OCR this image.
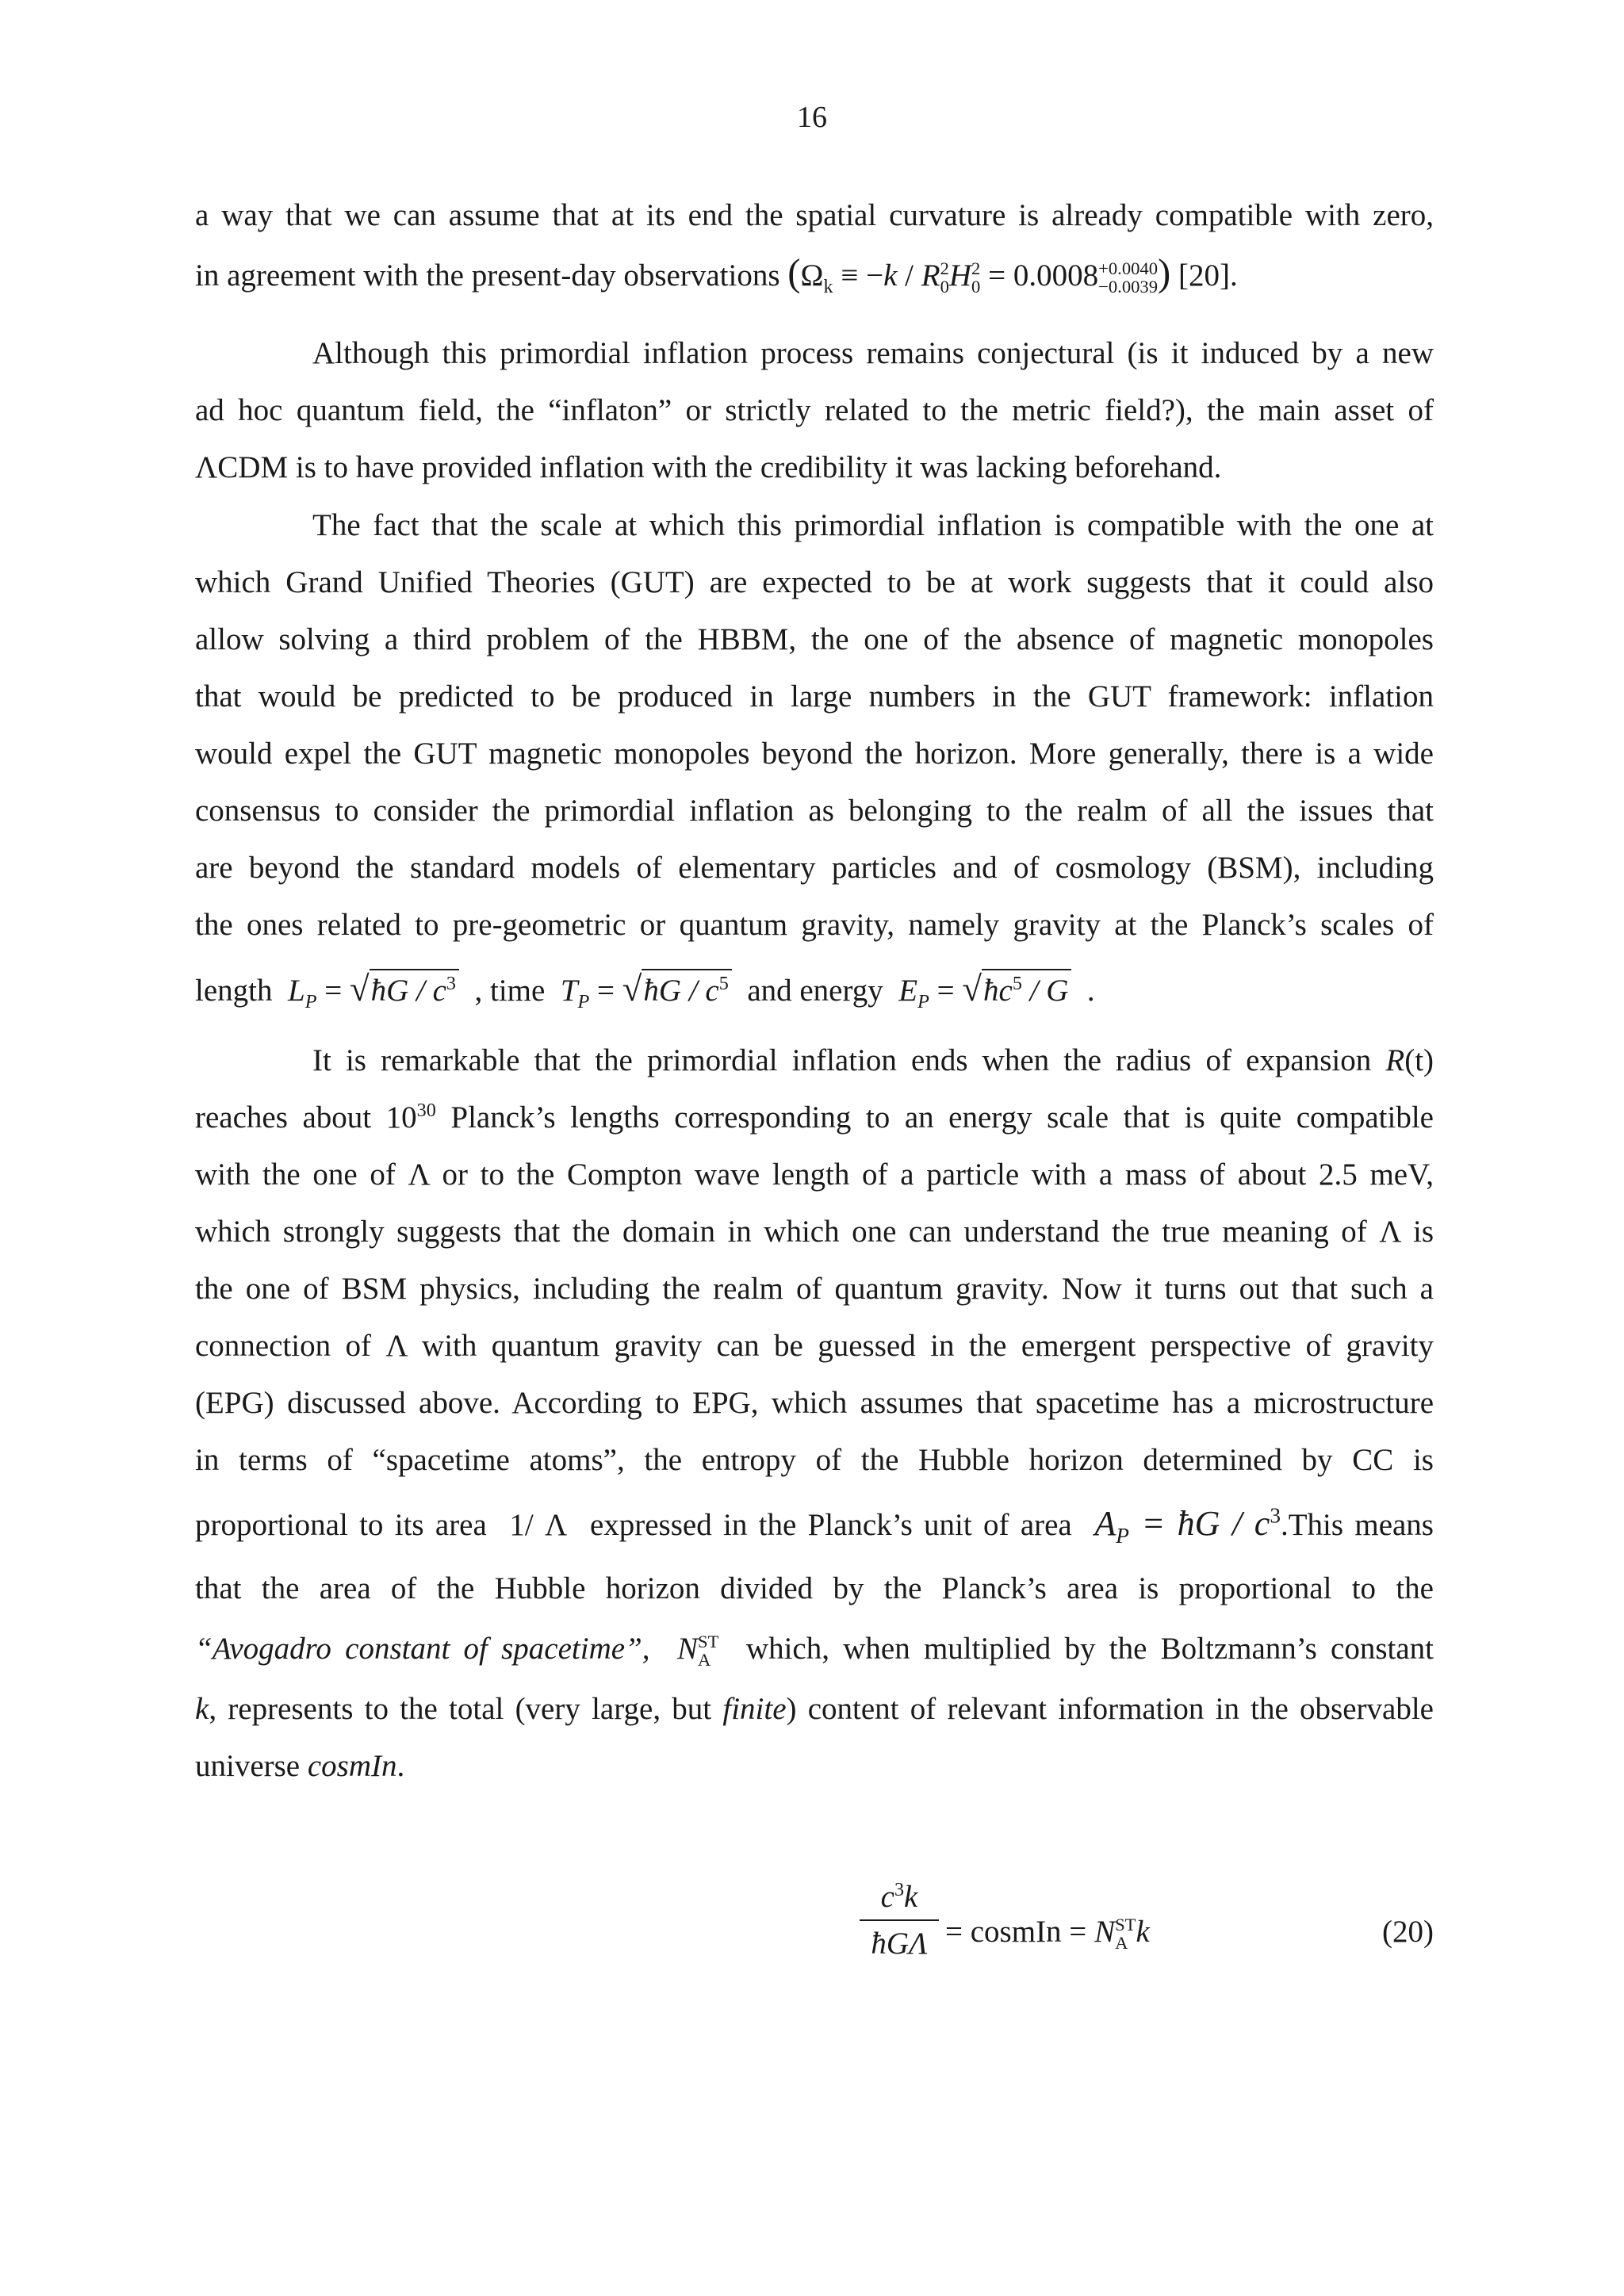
16
a way that we can assume that at its end the spatial curvature is already compatible with zero,
in agreement with the present-day observations ($\Omega_k \equiv -k / R$ 2
0 H 2
0 = 0.0008 +0.0040
−0.0039 ) [20].
Although this primordial inflation process remains conjectural (is it induced by a new
ad hoc quantum field, the “inflaton” or strictly related to the metric field?), the main asset of
ΛCDM is to have provided inflation with the credibility it was lacking beforehand.
The fact that the scale at which this primordial inflation is compatible with the one at
which Grand Unified Theories (GUT) are expected to be at work suggests that it could also
allow solving a third problem of the HBBM, the one of the absence of magnetic monopoles
that would be predicted to be produced in large numbers in the GUT framework: inflation
would expel the GUT magnetic monopoles beyond the horizon. More generally, there is a wide
consensus to consider the primordial inflation as belonging to the realm of all the issues that
are beyond the standard models of elementary particles and of cosmology (BSM), including
the ones related to pre-geometric or quantum gravity, namely gravity at the Planck’s scales of
length $L_P$ = √ħG / $c^3$ , time $T_P$ = √ħG / $c^5$ and energy $E_P$ = $√ħc^5$ / G .
It is remarkable that the primordial inflation ends when the radius of expansion R(t)
reaches about $10^{30}$ Planck’s lengths corresponding to an energy scale that is quite compatible
with the one of Λ or to the Compton wave length of a particle with a mass of about 2.5 meV,
which strongly suggests that the domain in which one can understand the true meaning of Λ is
the one of BSM physics, including the realm of quantum gravity. Now it turns out that such a
connection of Λ with quantum gravity can be guessed in the emergent perspective of gravity
(EPG) discussed above. According to EPG, which assumes that spacetime has a microstructure
in terms of “spacetime atoms”, the entropy of the Hubble horizon determined by CC is
proportional to its area 1/ Λ expressed in the Planck’s unit of area $A_P$ = ħG / $c^3.This$ means
that the area of the Hubble horizon divided by the Planck’s area is proportional to the
“Avogadro constant of spacetime”, N ST
A which, when multiplied by the Boltzmann’s constant
k, represents to the total (very large, but finite) content of relevant information in the observable
universe cosmIn.
$c^3k$
ħGΛ = cosmIn = N ST
A k	(20)
